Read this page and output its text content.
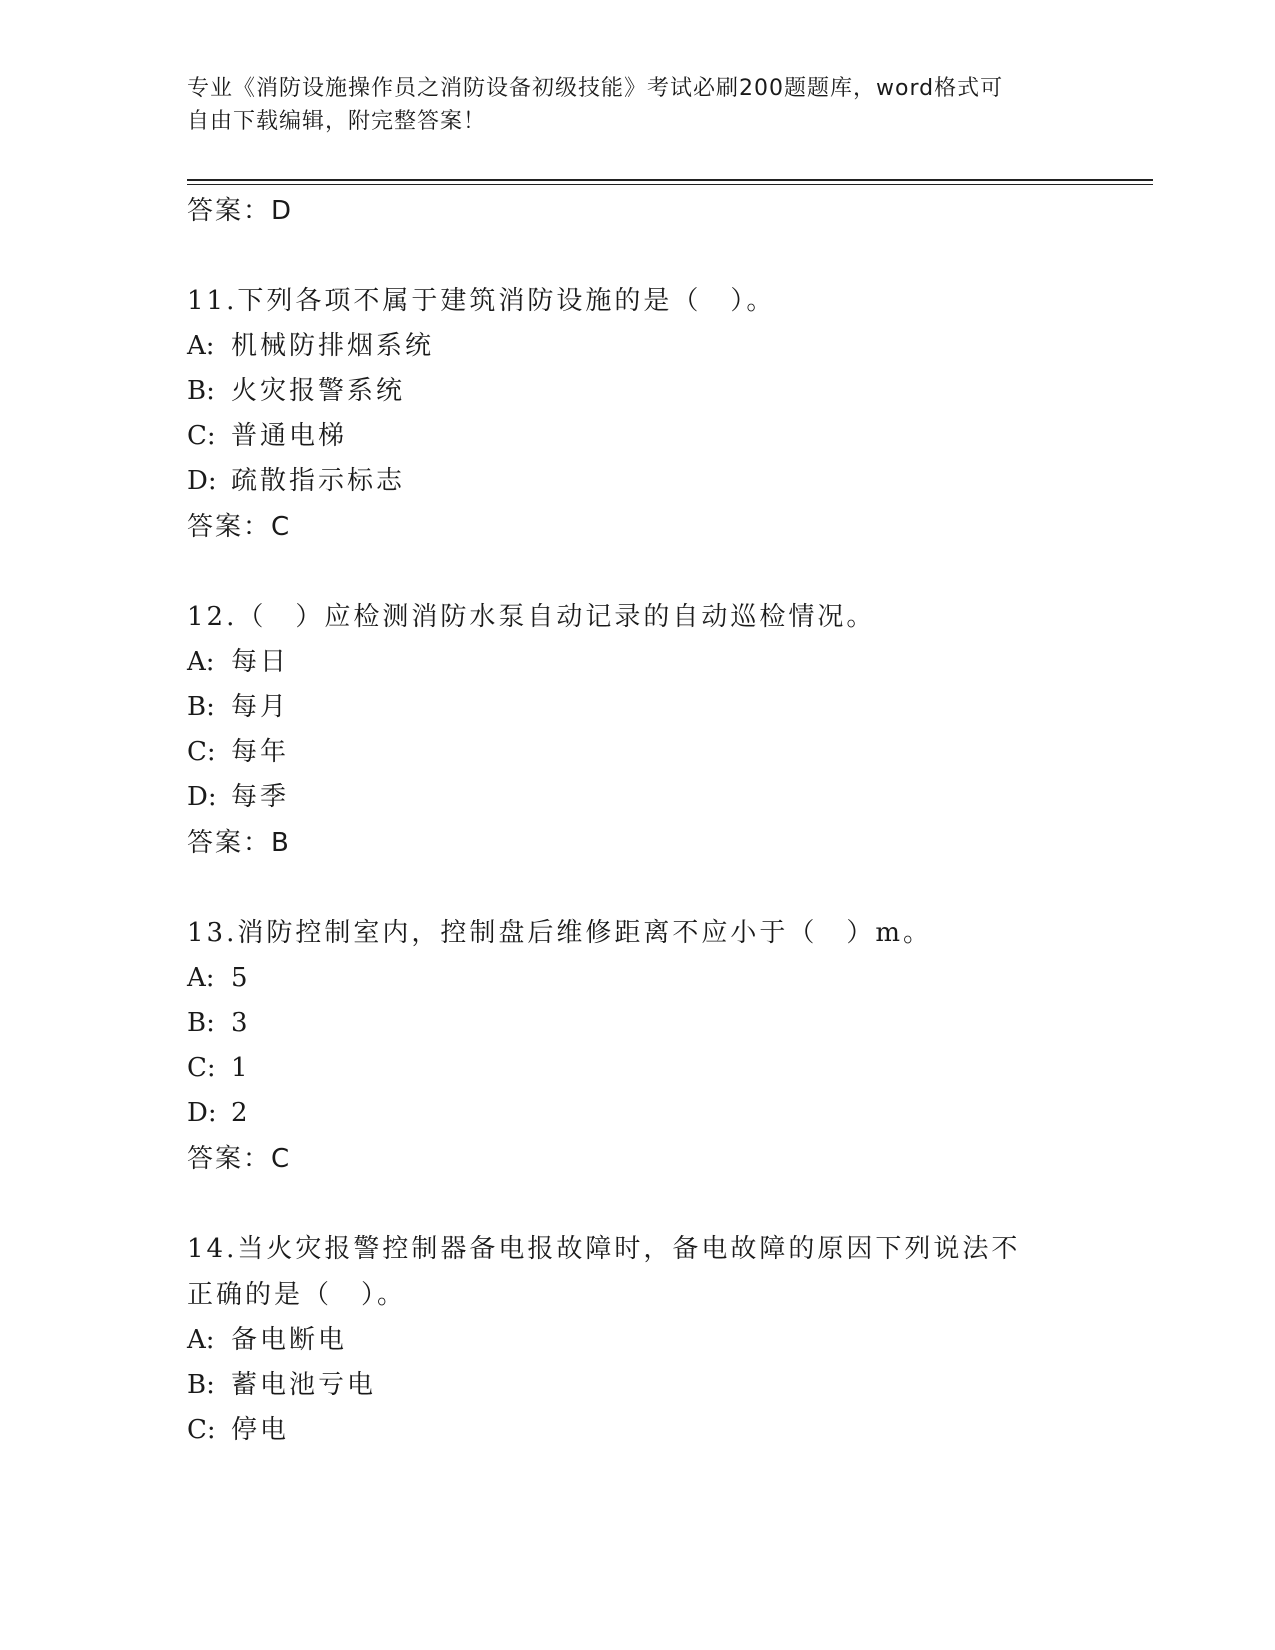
专业《消防设施操作员之消防设备初级技能》考试必刷200题题库，word格式可
自由下载编辑，附完整答案！
答案：D
11.下列各项不属于建筑消防设施的是（　）。
A: 机械防排烟系统
B: 火灾报警系统
C: 普通电梯
D: 疏散指示标志
答案：C
12.（　）应检测消防水泵自动记录的自动巡检情况。
A: 每日
B: 每月
C: 每年
D: 每季
答案：B
13.消防控制室内，控制盘后维修距离不应小于（　）m。
A: 5
B: 3
C: 1
D: 2
答案：C
14.当火灾报警控制器备电报故障时，备电故障的原因下列说法不正确的是（　）。
A: 备电断电
B: 蓄电池亏电
C: 停电
